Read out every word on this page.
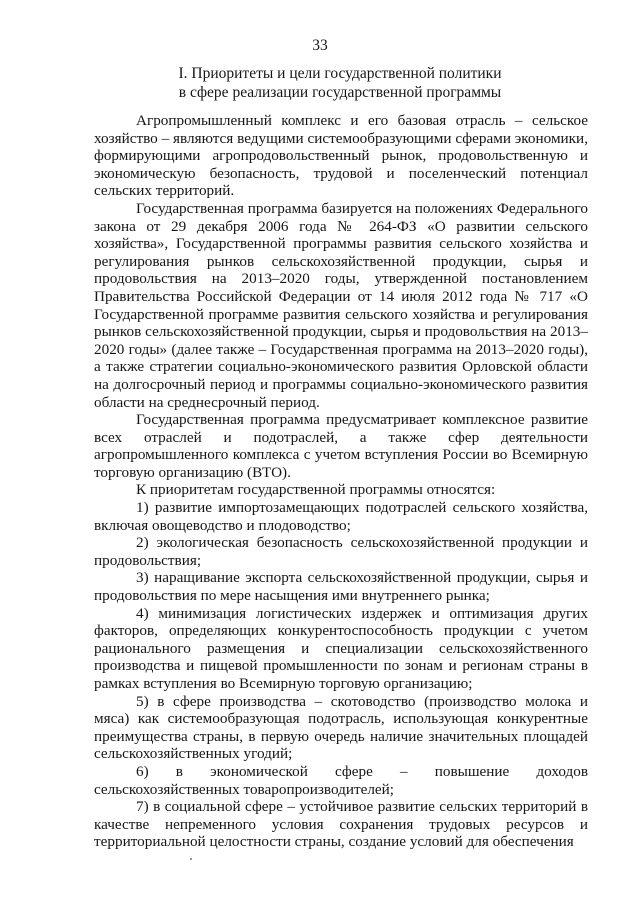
33
I. Приоритеты и цели государственной политики
в сфере реализации государственной программы

Агропромышленный комплекс и его базовая отрасль – сельское хозяйство – являются ведущими системообразующими сферами экономики, формирующими агропродовольственный рынок, продовольственную и экономическую безопасность, трудовой и поселенческий потенциал сельских территорий.

Государственная программа базируется на положениях Федерального закона от 29 декабря 2006 года № 264-ФЗ «О развитии сельского хозяйства», Государственной программы развития сельского хозяйства и регулирования рынков сельскохозяйственной продукции, сырья и продовольствия на 2013–2020 годы, утвержденной постановлением Правительства Российской Федерации от 14 июля 2012 года № 717 «О Государственной программе развития сельского хозяйства и регулирования рынков сельскохозяйственной продукции, сырья и продовольствия на 2013–2020 годы» (далее также – Государственная программа на 2013–2020 годы), а также стратегии социально-экономического развития Орловской области на долгосрочный период и программы социально-экономического развития области на среднесрочный период.

Государственная программа предусматривает комплексное развитие всех отраслей и подотраслей, а также сфер деятельности агропромышленного комплекса с учетом вступления России во Всемирную торговую организацию (ВТО).

К приоритетам государственной программы относятся:

1) развитие импортозамещающих подотраслей сельского хозяйства, включая овощеводство и плодоводство;

2) экологическая безопасность сельскохозяйственной продукции и продовольствия;

3) наращивание экспорта сельскохозяйственной продукции, сырья и продовольствия по мере насыщения ими внутреннего рынка;

4) минимизация логистических издержек и оптимизация других факторов, определяющих конкурентоспособность продукции с учетом рационального размещения и специализации сельскохозяйственного производства и пищевой промышленности по зонам и регионам страны в рамках вступления во Всемирную торговую организацию;

5) в сфере производства – скотоводство (производство молока и мяса) как системообразующая подотрасль, использующая конкурентные преимущества страны, в первую очередь наличие значительных площадей сельскохозяйственных угодий;

6) в экономической сфере – повышение доходов сельскохозяйственных товаропроизводителей;

7) в социальной сфере – устойчивое развитие сельских территорий в качестве непременного условия сохранения трудовых ресурсов и территориальной целостности страны, создание условий для обеспечения
